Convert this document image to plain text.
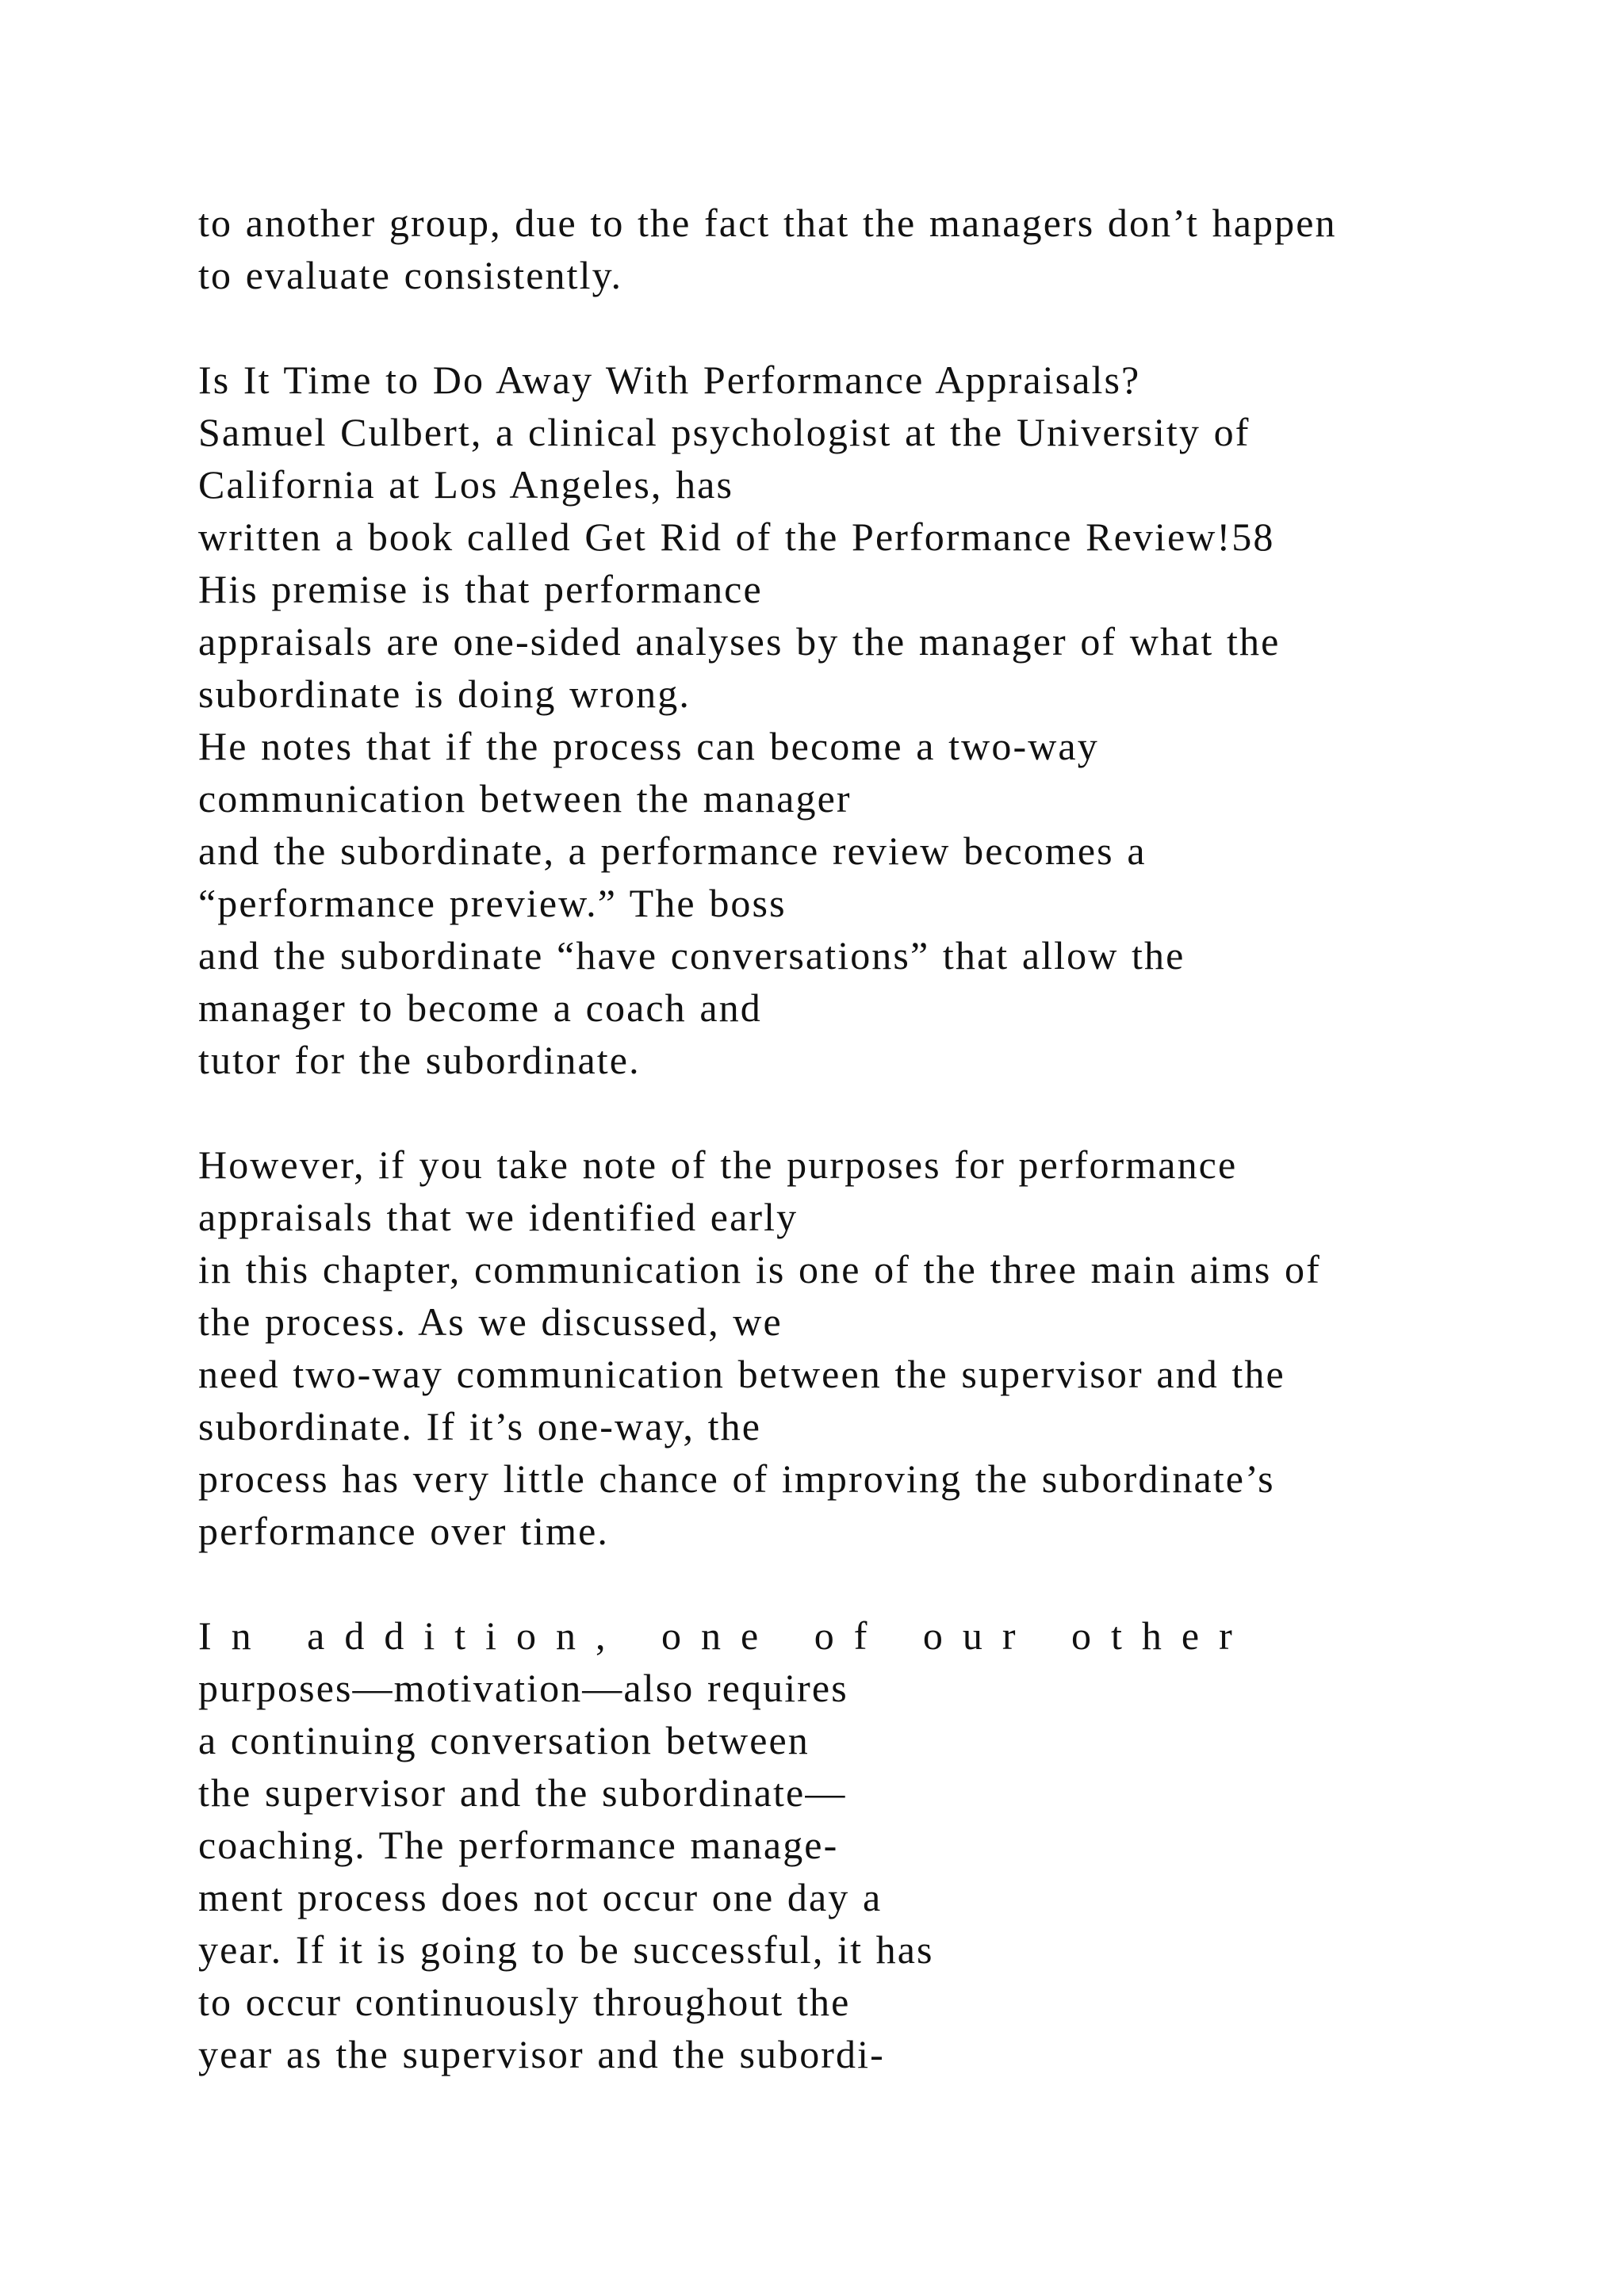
to another group, due to the fact that the managers don’t happen
to evaluate consistently.
Is It Time to Do Away With Performance Appraisals?
Samuel Culbert, a clinical psychologist at the University of
California at Los Angeles, has
written a book called Get Rid of the Performance Review!58
His premise is that performance
appraisals are one-sided analyses by the manager of what the
subordinate is doing wrong.
He notes that if the process can become a two-way
communication between the manager
and the subordinate, a performance review becomes a
“performance preview.” The boss
and the subordinate “have conversations” that allow the
manager to become a coach and
tutor for the subordinate.
However, if you take note of the purposes for performance
appraisals that we identified early
in this chapter, communication is one of the three main aims of
the process. As we discussed, we
need two-way communication between the supervisor and the
subordinate. If it’s one-way, the
process has very little chance of improving the subordinate’s
performance over time.
In addition, one of our other
purposes—motivation—also requires
a continuing conversation between
the supervisor and the subordinate—
coaching. The performance manage-
ment process does not occur one day a
year. If it is going to be successful, it has
to occur continuously throughout the
year as the supervisor and the subordi-
